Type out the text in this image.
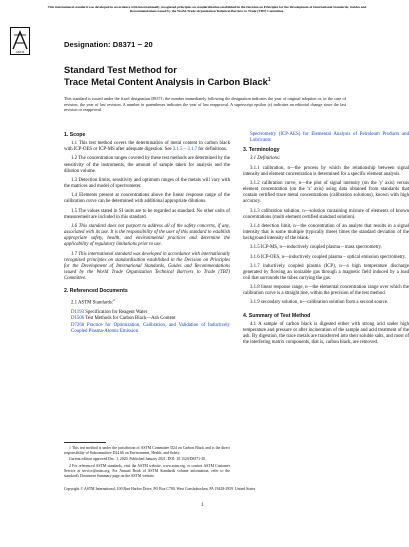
This international standard was developed in accordance with internationally recognized principles on standardization established in the Decision on Principles for the Development of International Standards, Guides and Recommendations issued by the World Trade Organization Technical Barriers to Trade (TBT) Committee.
ASTM
Designation: D8371 − 20
Standard Test Method for
Trace Metal Content Analysis in Carbon Black$^1$
This standard is issued under the fixed designation D8371; the number immediately following the designation indicates the year of original adoption or, in the case of revision, the year of last revision. A number in parentheses indicates the year of last reapproval. A superscript epsilon (ε) indicates an editorial change since the last revision or reapproval.
1. Scope

1.1 This test method covers the determination of metal content in carbon black with ICP-OES or ICP-MS after adequate digestion. See 3.1.5 – 3.1.7 for definitions.

1.2 The concentration ranges covered by these test methods are determined by the sensitivity of the instruments, the amount of sample taken for analysis and the dilution volume.

1.3 Detection limits, sensitivity and optimum ranges of the metals will vary with the matrices and model of spectrometer.

1.4 Elements present at concentrations above the linear response range of the calibration curve can be determined with additional appropriate dilutions.

1.5 The values stated in SI units are to be regarded as standard. No other units of measurement are included in this standard.

1.6 This standard does not purport to address all of the safety concerns, if any, associated with its use. It is the responsibility of the user of this standard to establish appropriate safety, health, and environmental practices and determine the applicability of regulatory limitations prior to use.

1.7 This international standard was developed in accordance with internationally recognized principles on standardization established in the Decision on Principles for the Development of International Standards, Guides and Recommendations issued by the World Trade Organization Technical Barriers to Trade (TBT) Committee.

2. Referenced Documents

2.1 ASTM Standards:$^2$

D1193 Specification for Reagent Water

D1506 Test Methods for Carbon Black—Ash Content

D7260 Practice for Optimization, Calibration, and Validation of Inductively Coupled Plasma-Atomic Emission

Spectrometry (ICP-AES) for Elemental Analysis of Petroleum Products and Lubricants

3. Terminology

3.1 Definitions:

3.1.1 calibration, n—the process by which the relationship between signal intensity and element concentration is determined for a specific element analysis.

3.1.2 calibration curve, n—the plot of signal intensity (on the 'y' axis) versus element concentration (on the 'x' axis) using data obtained from standards that contain certified trace metal concentrations (calibration solutions), known with high accuracy.

3.1.3 calibration solution, n—solution containing mixture of elements of known concentrations (multi element certified standard solution).

3.1.4 detection limit, n—the concentration of an analyte that results in a signal intensity that is some multiple (typically three) times the standard deviation of the background intensity of the blank.

3.1.5 ICP-MS, n—inductively coupled plasma – mass spectrometry.

3.1.6 ICP-OES, n—inductively coupled plasma – optical emission spectrometry.

3.1.7 inductively coupled plasma (ICP), n—a high temperature discharge generated by flowing an ionizable gas through a magnetic field induced by a load coil that surrounds the tubes carrying the gas.

3.1.8 linear response range, n—the elemental concentration range over which the calibration curve is a straight line, within the precision of the test method.

3.1.9 secondary solution, n—calibration solution from a second source.

4. Summary of Test Method

4.1 A sample of carbon black is digested either with strong acid under high temperature and pressure or after incineration of the sample and acid treatment of the ash. By digestion, the trace metals are transferred into their soluble salts, and most of the interfering matrix components, that is, carbon black, are removed.

1 This test method is under the jurisdiction of ASTM Committee D24 on Carbon Black and is the direct responsibility of Subcommittee D24.66 on Environment, Health, and Safety.

Current edition approved Dec. 1, 2020. Published January 2021. DOI: 10.1520/D8371-20.

2 For referenced ASTM standards, visit the ASTM website, www.astm.org, or contact ASTM Customer Service at service@astm.org. For Annual Book of ASTM Standards volume information, refer to the standard's Document Summary page on the ASTM website.

Copyright © ASTM International, 100 Barr Harbor Drive, PO Box C700, West Conshohocken, PA 19428-2959. United States
1
